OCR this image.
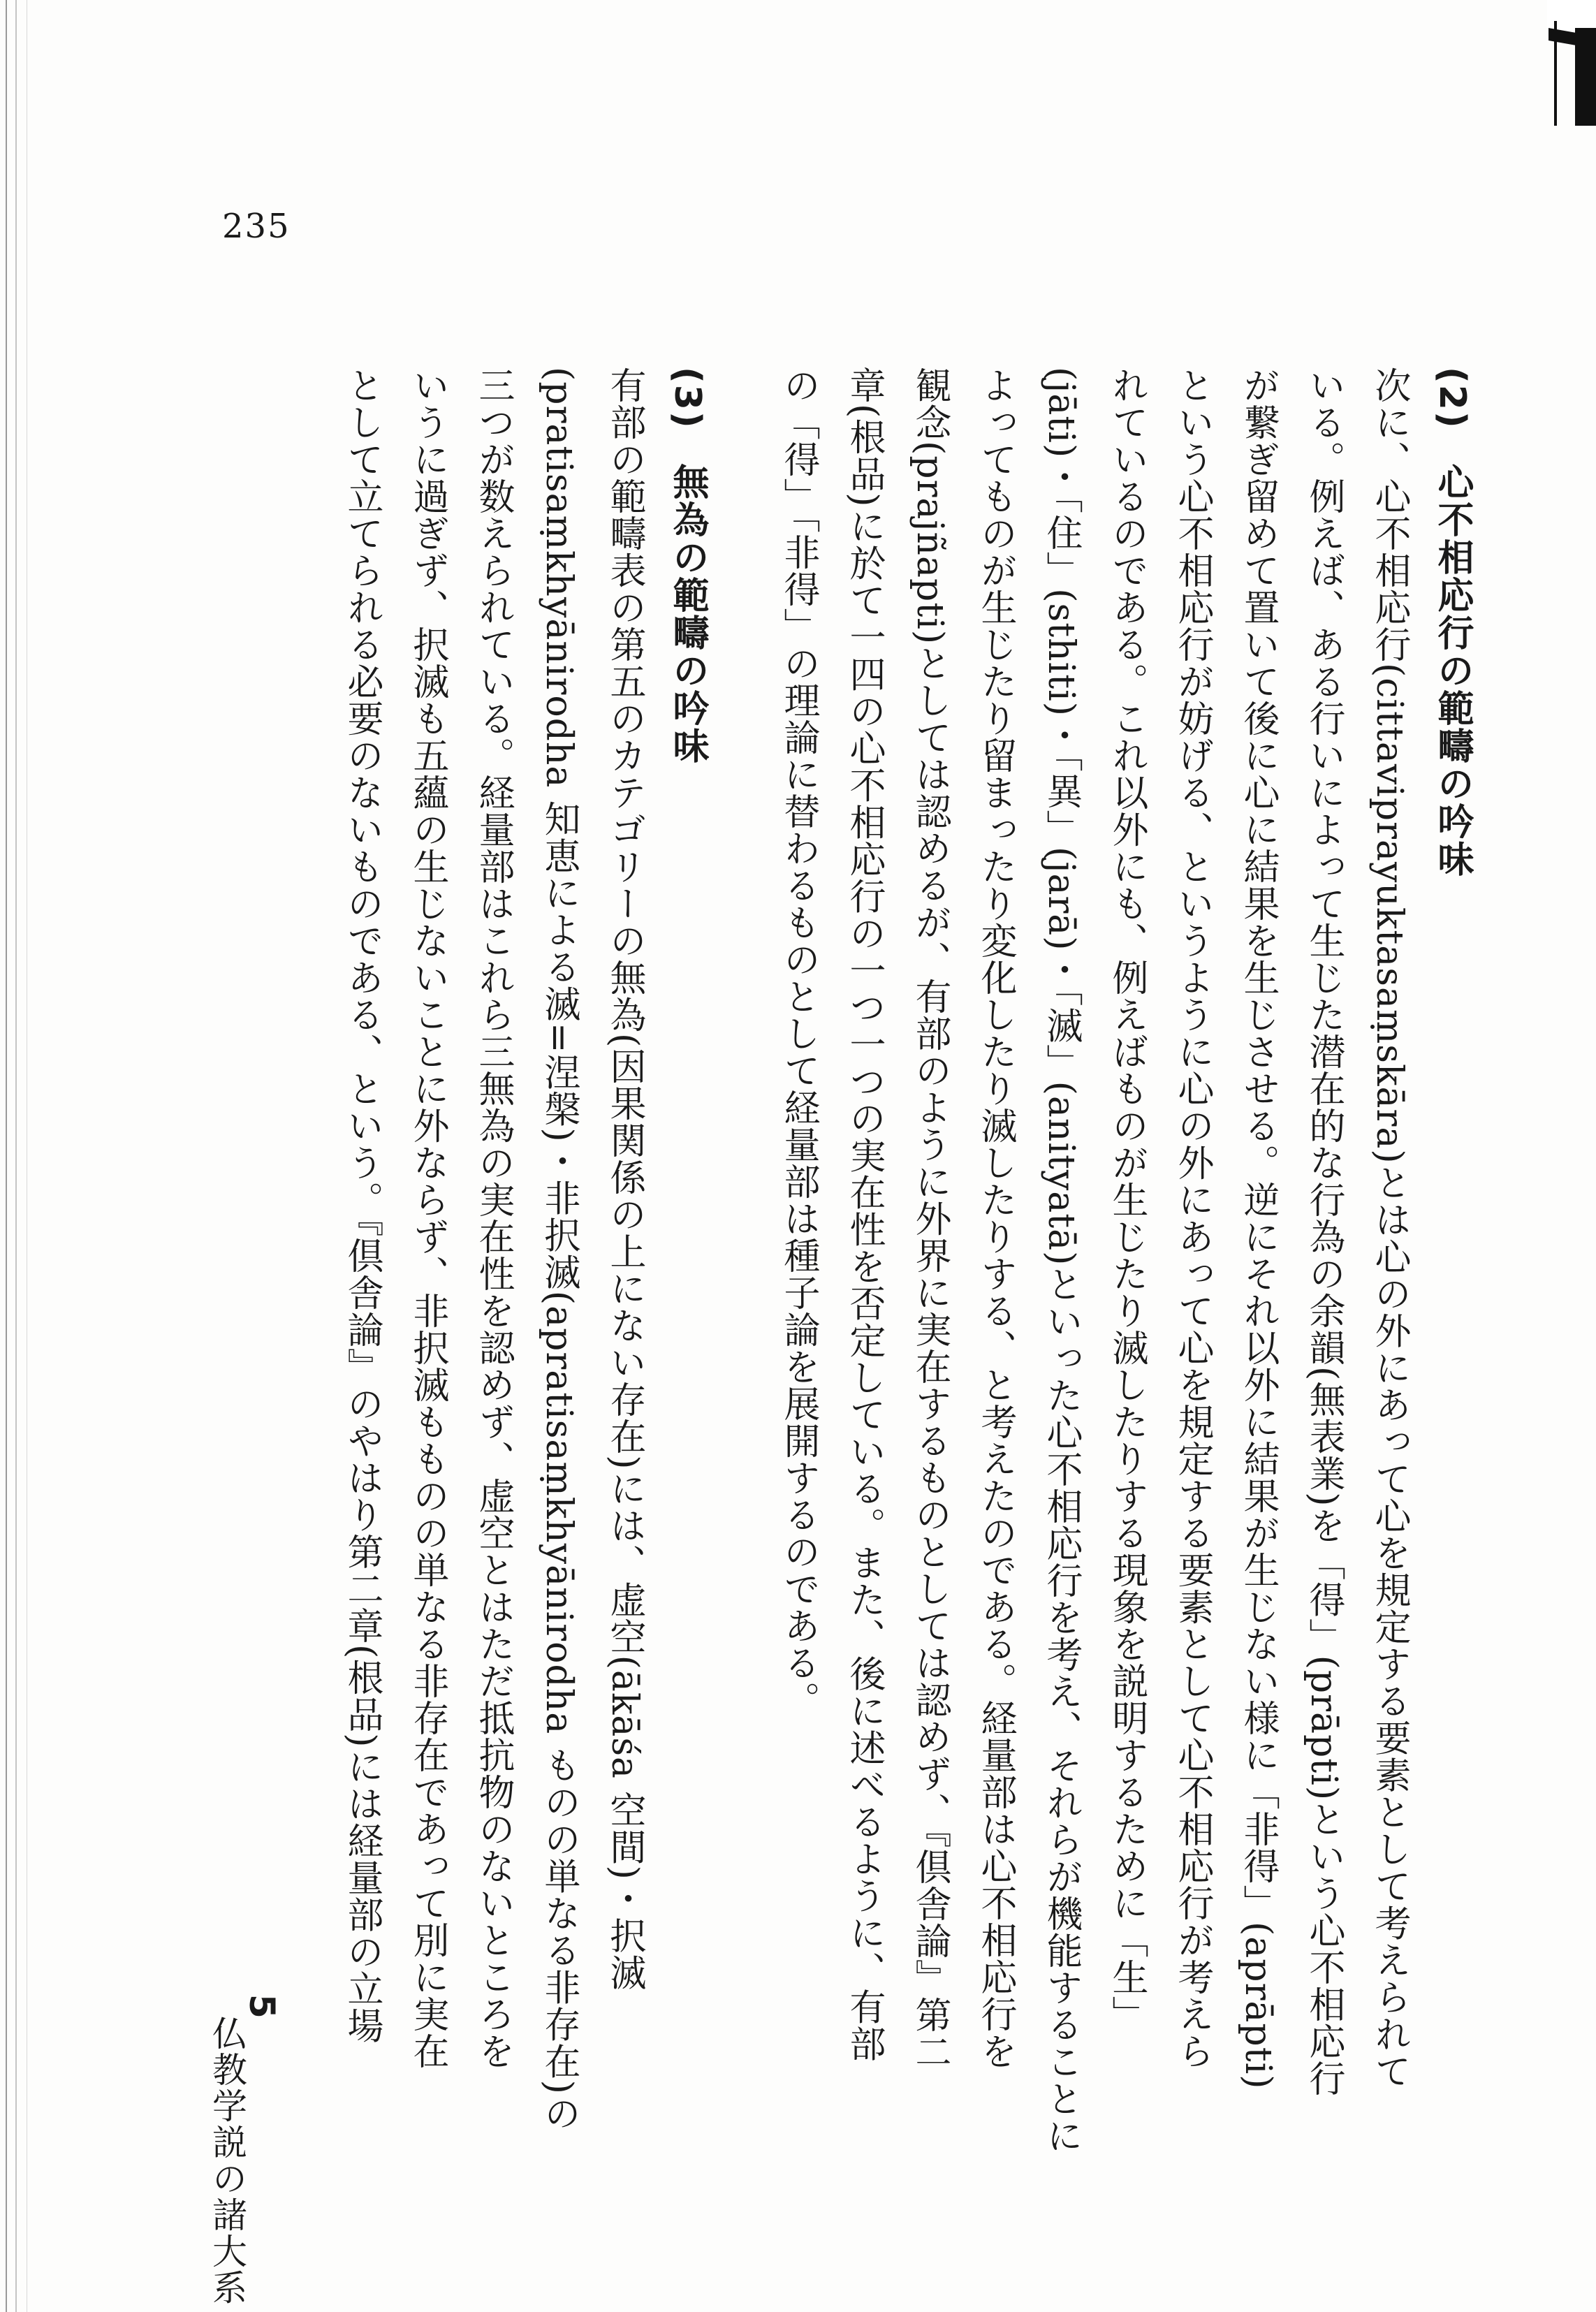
235
(2) 心不相応行の範疇の吟味 次に、心不相応行(cittaviprayuktasaṃskāra)とは心の外にあって心を規定する要素として考えられて いる。例えば、ある行いによって生じた潜在的な行為の余韻(無表業)を「得」(prāpti)という心不相応行 が繋ぎ留めて置いて後に心に結果を生じさせる。逆にそれ以外に結果が生じない様に「非得」(aprāpti) という心不相応行が妨げる、というように心の外にあって心を規定する要素として心不相応行が考えら れているのである。これ以外にも、例えばものが生じたり滅したりする現象を説明するために「生」 (jāti)・「住」(sthiti)・「異」(jarā)・「滅」(anityatā)といった心不相応行を考え、それらが機能することに よってものが生じたり留まったり変化したり滅したりする、と考えたのである。経量部は心不相応行を 観念(prajñapti)としては認めるが、有部のように外界に実在するものとしては認めず、『倶舎論』第二 章(根品)に於て一四の心不相応行の一つ一つの実在性を否定している。また、後に述べるように、有部 の「得」「非得」の理論に替わるものとして経量部は種子論を展開するのである。
(3) 無為の範疇の吟味 有部の範疇表の第五のカテゴリーの無為(因果関係の上にない存在)には、虚空(ākāśa 空間)・択滅 (pratisaṃkhyānirodha 知恵による滅=涅槃)・非択滅(apratisaṃkhyānirodha ものの単なる非存在)の 三つが数えられている。経量部はこれら三無為の実在性を認めず、虚空とはただ抵抗物のないところを いうに過ぎず、択滅も五蘊の生じないことに外ならず、非択滅もものの単なる非存在であって別に実在 として立てられる必要のないものである、という。『倶舎論』のやはり第二章(根品)には経量部の立場
5 仏教学説の諸大系
